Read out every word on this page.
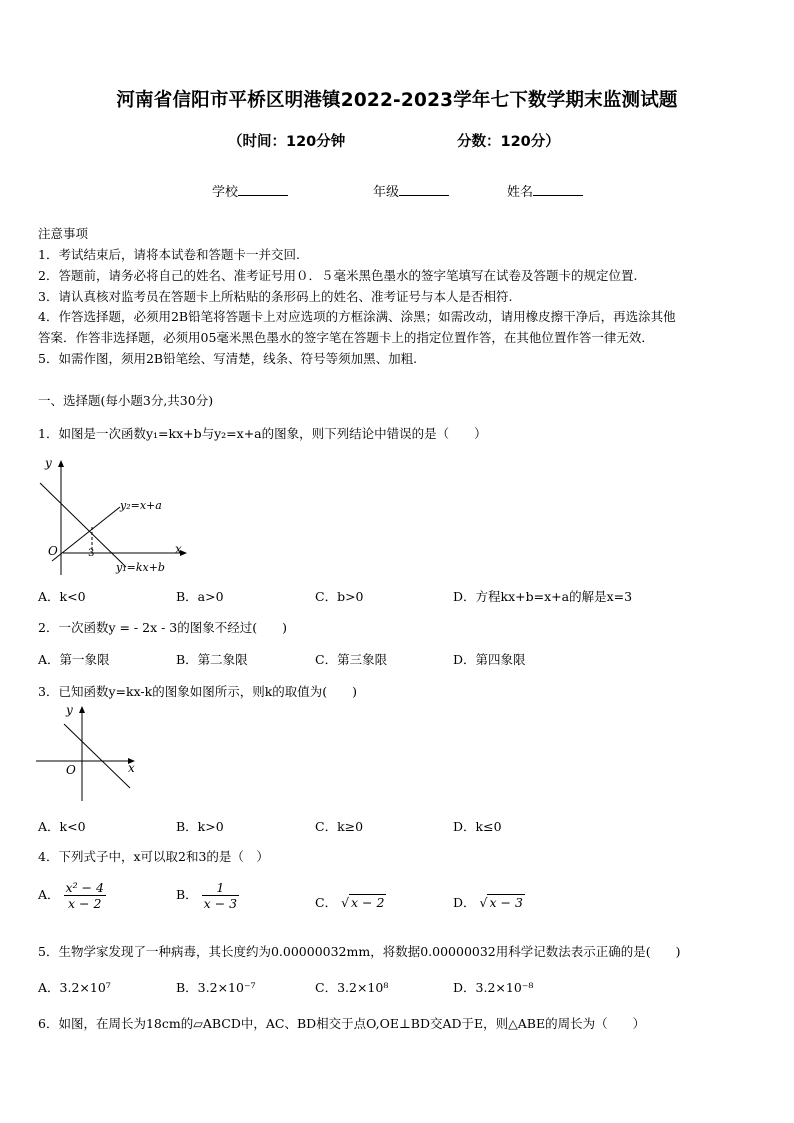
河南省信阳市平桥区明港镇2022-2023学年七下数学期末监测试题
（时间：120分钟	分数：120分）
学校	年级	姓名
注意事项
1．考试结束后，请将本试卷和答题卡一并交回.
2．答题前，请务必将自己的姓名、准考证号用０．５毫米黑色墨水的签字笔填写在试卷及答题卡的规定位置.
3．请认真核对监考员在答题卡上所粘贴的条形码上的姓名、准考证号与本人是否相符.
4．作答选择题，必须用2B铅笔将答题卡上对应选项的方框涂满、涂黑；如需改动，请用橡皮擦干净后，再选涂其他
答案．作答非选择题，必须用05毫米黑色墨水的签字笔在答题卡上的指定位置作答，在其他位置作答一律无效．
5．如需作图，须用2B铅笔绘、写清楚，线条、符号等须加黑、加粗.
一、选择题(每小题3分,共30分)
1．如图是一次函数y₁=kx+b与y₂=x+a的图象，则下列结论中错误的是（　　）
y
x
O	3
y₂=x+a
y₁=kx+b
A．k<0	B．a>0	C．b>0	D．方程kx+b=x+a的解是x=3
2．一次函数y = - 2x - 3的图象不经过(　　)
A．第一象限	B．第二象限	C．第三象限	D．第四象限
3．已知函数y=kx-k的图象如图所示，则k的取值为(　　)
y
x
O
A．k<0	B．k>0	C．k≥0	D．k≤0
4．下列式子中，x可以取2和3的是（　）
A． $\frac{\text{x² − 4}}{x - 2}$	B． $\frac{1}{x - 3}$	C． √ x − 2	D． √ x − 3
5．生物学家发现了一种病毒，其长度约为0.00000032mm，将数据0.00000032用科学记数法表示正确的是(　　)
A．3.2×10⁷	B．3.2×10⁻⁷	C．3.2×10⁸	D．3.2×10⁻⁸
6．如图，在周长为18cm的▱ABCD中，AC、BD相交于点O,OE⊥BD交AD于E，则△ABE的周长为（　　）
